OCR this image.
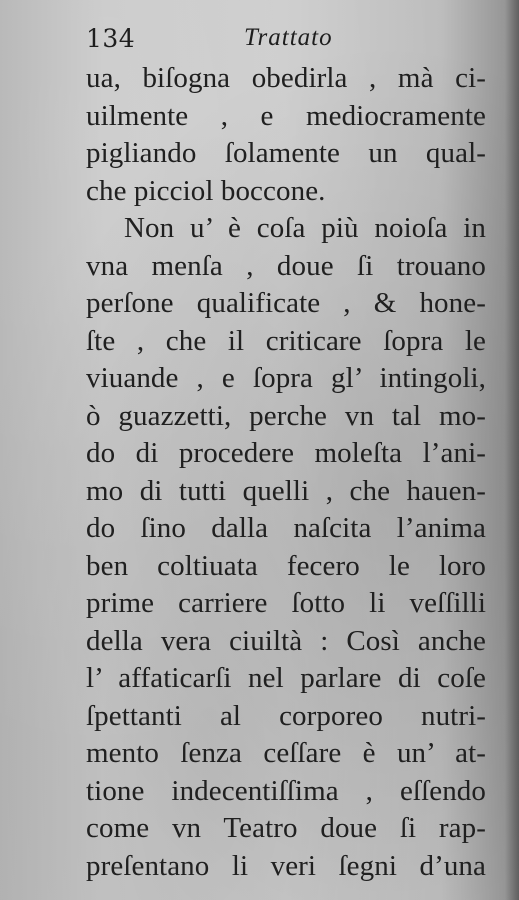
134	Trattato
ua, biſogna obedirla , mà ci-
uilmente , e mediocramente
pigliando ſolamente un qual-
che picciol boccone.
Non u’ è coſa più noioſa in
vna menſa , doue ſi trouano
perſone qualificate , & hone-
ſte , che il criticare ſopra le
viuande , e ſopra gl’ intingoli,
ò guazzetti, perche vn tal mo-
do di procedere moleſta l’ani-
mo di tutti quelli , che hauen-
do ſino dalla naſcita l’anima
ben coltiuata fecero le loro
prime carriere ſotto li veſſilli
della vera ciuiltà : Così anche
l’ affaticarſi nel parlare di coſe
ſpettanti al corporeo nutri-
mento ſenza ceſſare è un’ at-
tione indecentiſſima , eſſendo
come vn Teatro doue ſi rap-
preſentano li veri ſegni d’una
